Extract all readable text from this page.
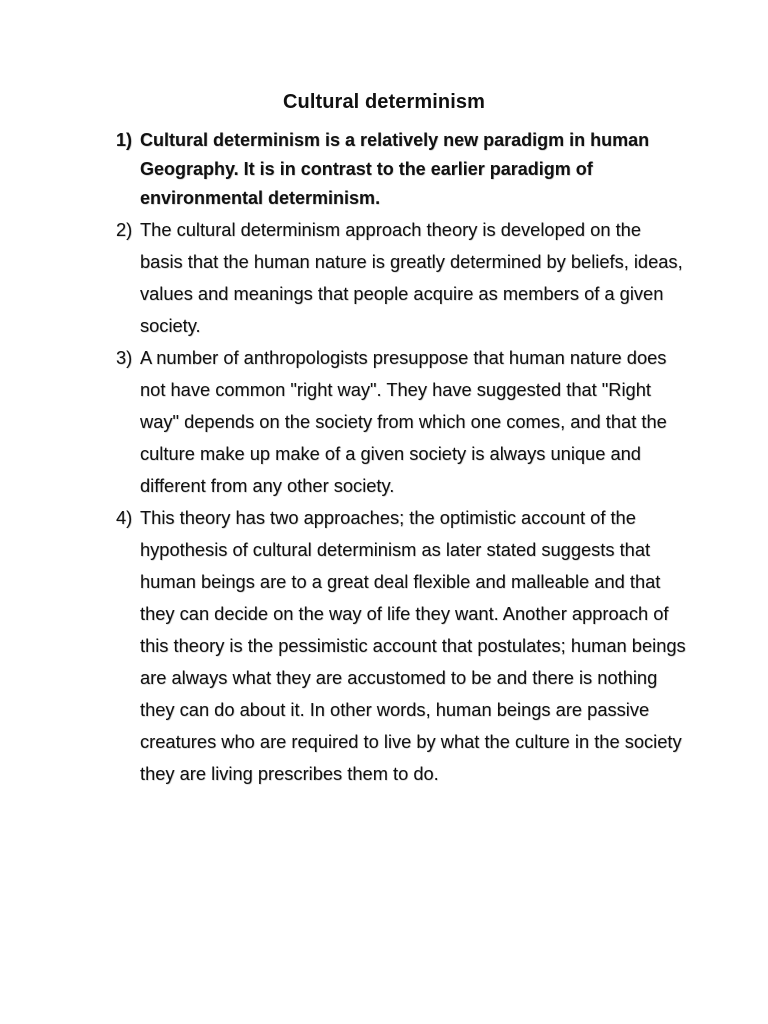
Cultural determinism
1) Cultural determinism is a relatively new paradigm in human Geography. It is in contrast to the earlier paradigm of environmental determinism.
2) The cultural determinism approach theory is developed on the basis that the human nature is greatly determined by beliefs, ideas, values and meanings that people acquire as members of a given society.
3) A number of anthropologists presuppose that human nature does not have common "right way". They have suggested that "Right way" depends on the society from which one comes, and that the culture make up make of a given society is always unique and different from any other society.
4) This theory has two approaches; the optimistic account of the hypothesis of cultural determinism as later stated suggests that human beings are to a great deal flexible and malleable and that they can decide on the way of life they want. Another approach of this theory is the pessimistic account that postulates; human beings are always what they are accustomed to be and there is nothing they can do about it. In other words, human beings are passive creatures who are required to live by what the culture in the society they are living prescribes them to do.
